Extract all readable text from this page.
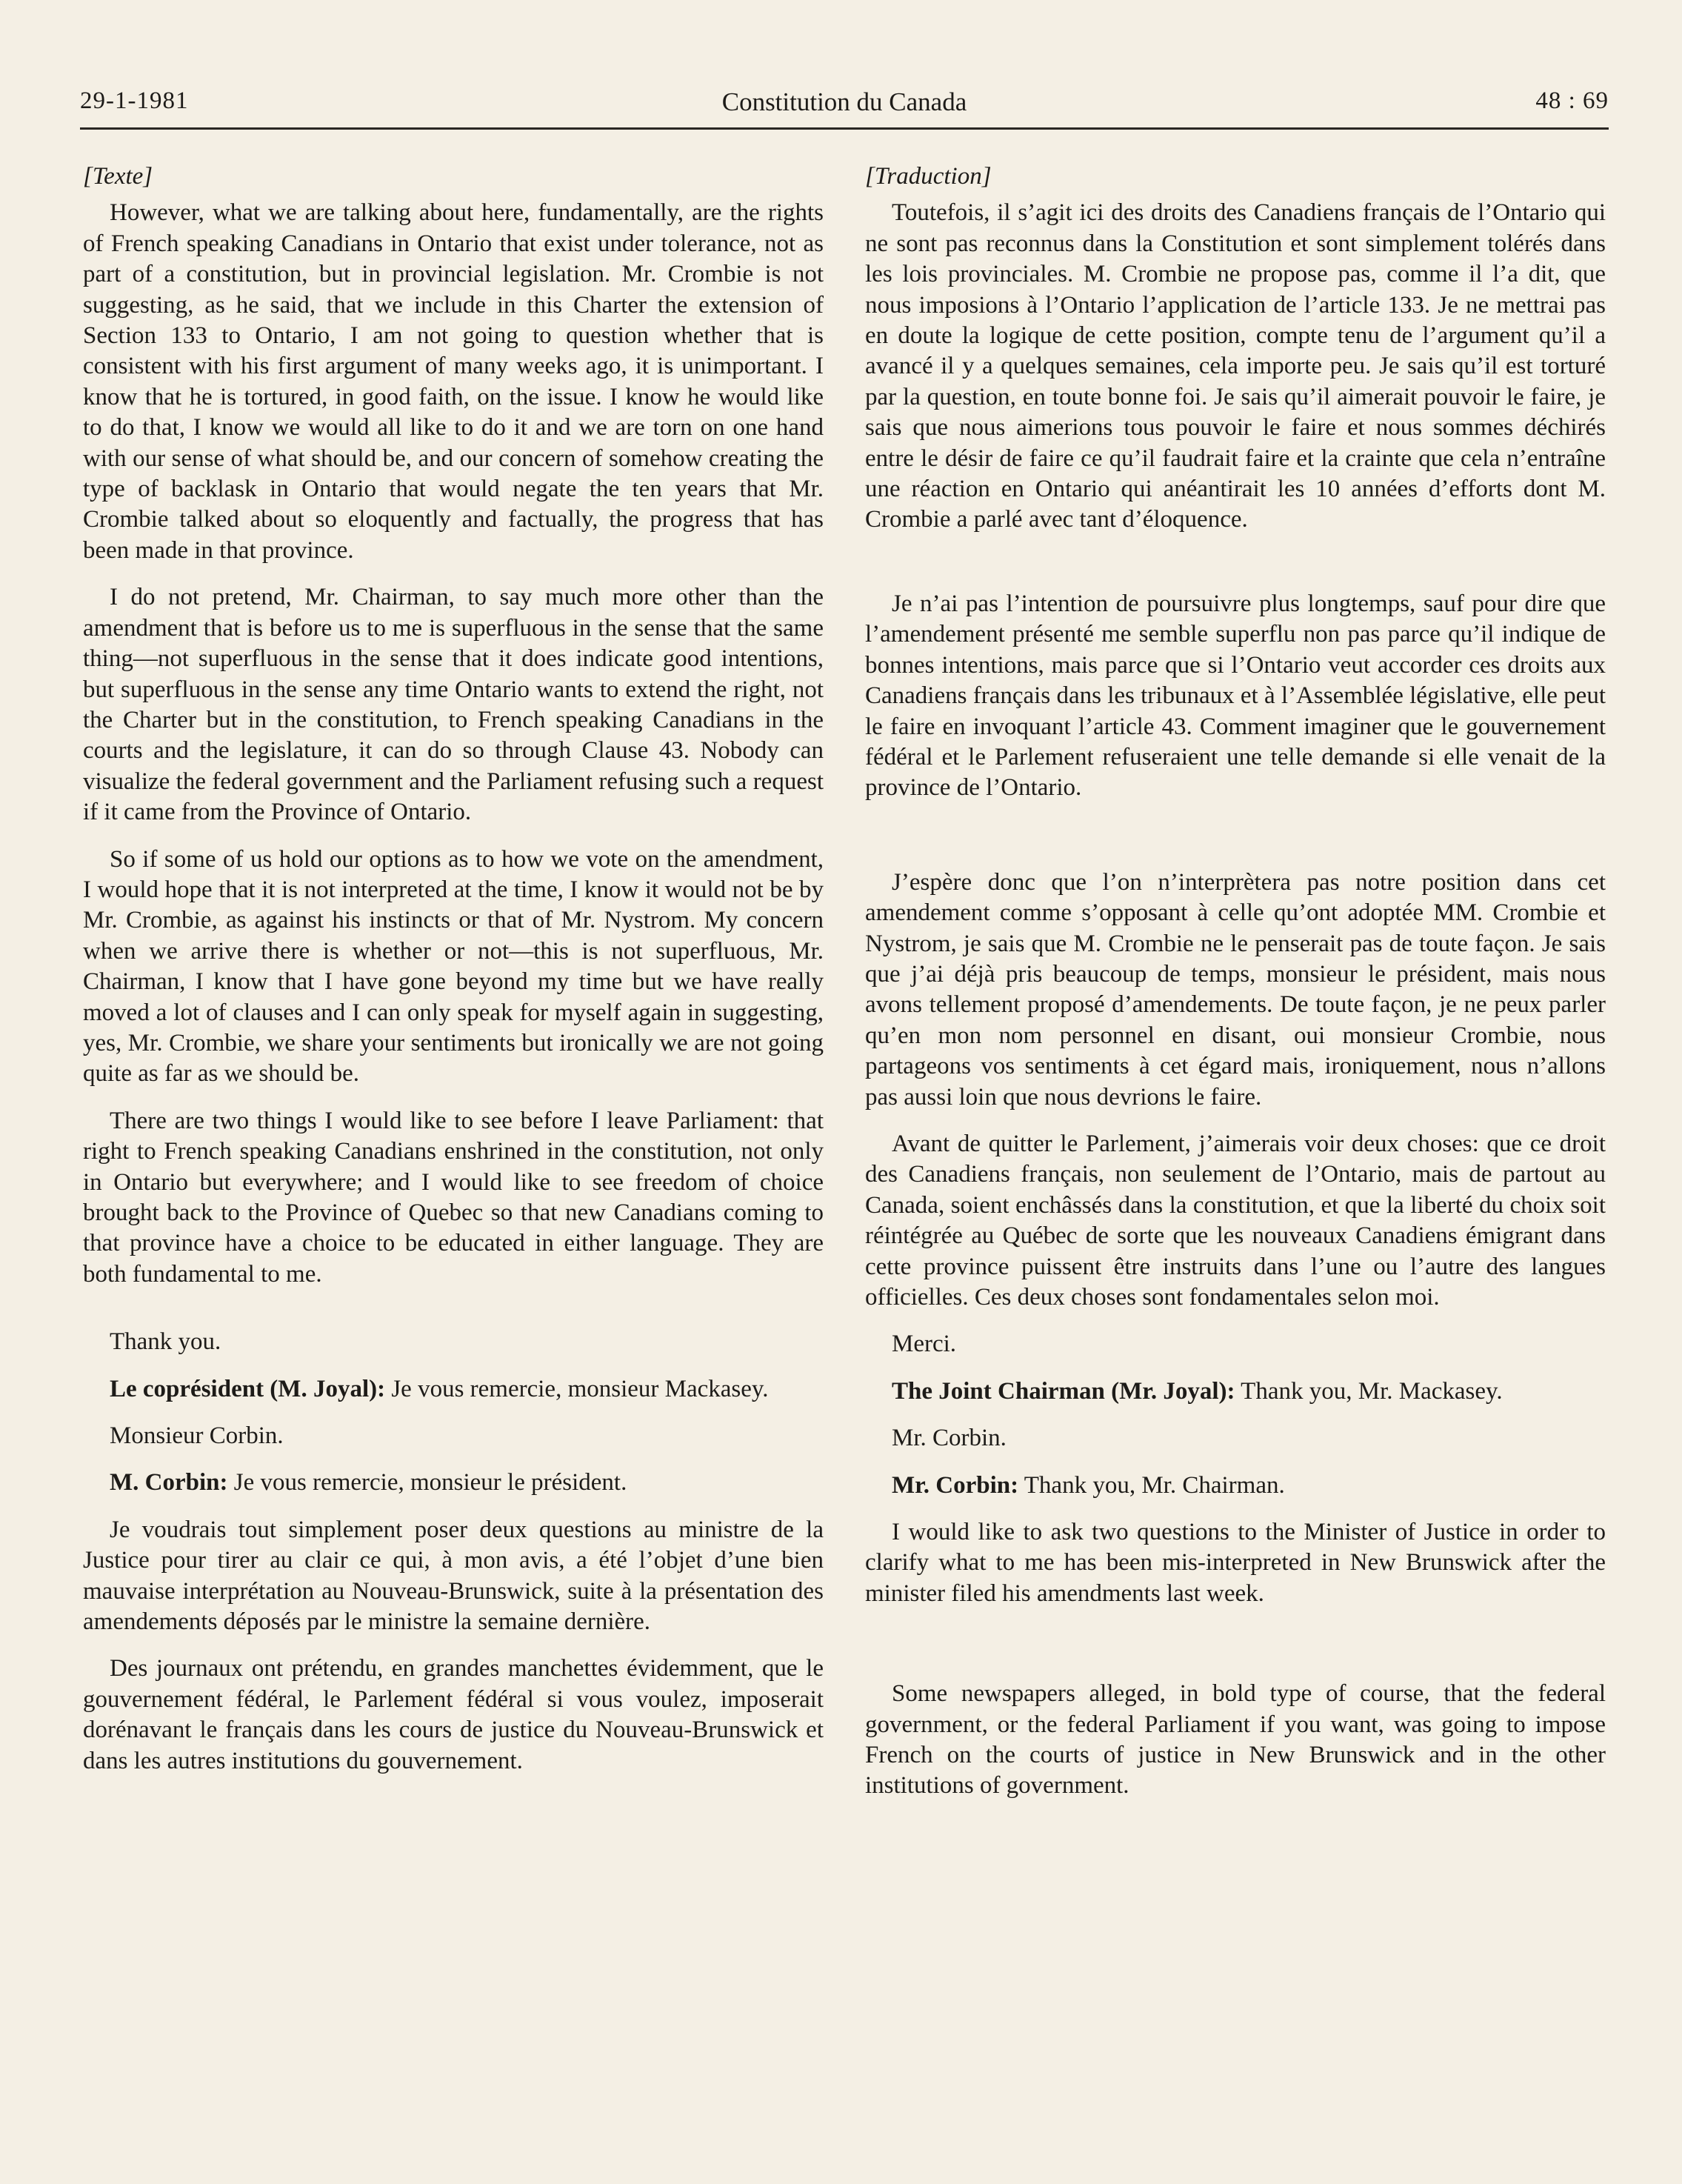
29-1-1981	Constitution du Canada	48 : 69

[Texte]

However, what we are talking about here, fundamentally, are the rights of French speaking Canadians in Ontario that exist under tolerance, not as part of a constitution, but in provincial legislation. Mr. Crombie is not suggesting, as he said, that we include in this Charter the extension of Section 133 to Ontario, I am not going to question whether that is consistent with his first argument of many weeks ago, it is unimportant. I know that he is tortured, in good faith, on the issue. I know he would like to do that, I know we would all like to do it and we are torn on one hand with our sense of what should be, and our concern of somehow creating the type of backlask in Ontario that would negate the ten years that Mr. Crombie talked about so eloquently and factually, the progress that has been made in that province.

I do not pretend, Mr. Chairman, to say much more other than the amendment that is before us to me is superfluous in the sense that the same thing—not superfluous in the sense that it does indicate good intentions, but superfluous in the sense any time Ontario wants to extend the right, not the Charter but in the constitution, to French speaking Canadians in the courts and the legislature, it can do so through Clause 43. Nobody can visualize the federal government and the Parliament refusing such a request if it came from the Province of Ontario.

So if some of us hold our options as to how we vote on the amendment, I would hope that it is not interpreted at the time, I know it would not be by Mr. Crombie, as against his instincts or that of Mr. Nystrom. My concern when we arrive there is whether or not—this is not superfluous, Mr. Chairman, I know that I have gone beyond my time but we have really moved a lot of clauses and I can only speak for myself again in suggesting, yes, Mr. Crombie, we share your sentiments but ironically we are not going quite as far as we should be.

There are two things I would like to see before I leave Parliament: that right to French speaking Canadians enshrined in the constitution, not only in Ontario but everywhere; and I would like to see freedom of choice brought back to the Province of Quebec so that new Canadians coming to that province have a choice to be educated in either language. They are both fundamental to me.

Thank you.

Le coprésident (M. Joyal): Je vous remercie, monsieur Mackasey.

Monsieur Corbin.

M. Corbin: Je vous remercie, monsieur le président.

Je voudrais tout simplement poser deux questions au ministre de la Justice pour tirer au clair ce qui, à mon avis, a été l’objet d’une bien mauvaise interprétation au Nouveau-Brunswick, suite à la présentation des amendements déposés par le ministre la semaine dernière.

Des journaux ont prétendu, en grandes manchettes évidemment, que le gouvernement fédéral, le Parlement fédéral si vous voulez, imposerait dorénavant le français dans les cours de justice du Nouveau-Brunswick et dans les autres institutions du gouvernement.

[Traduction]

Toutefois, il s’agit ici des droits des Canadiens français de l’Ontario qui ne sont pas reconnus dans la Constitution et sont simplement tolérés dans les lois provinciales. M. Crombie ne propose pas, comme il l’a dit, que nous imposions à l’Ontario l’application de l’article 133. Je ne mettrai pas en doute la logique de cette position, compte tenu de l’argument qu’il a avancé il y a quelques semaines, cela importe peu. Je sais qu’il est torturé par la question, en toute bonne foi. Je sais qu’il aimerait pouvoir le faire, je sais que nous aimerions tous pouvoir le faire et nous sommes déchirés entre le désir de faire ce qu’il faudrait faire et la crainte que cela n’entraîne une réaction en Ontario qui anéantirait les 10 années d’efforts dont M. Crombie a parlé avec tant d’éloquence.

Je n’ai pas l’intention de poursuivre plus longtemps, sauf pour dire que l’amendement présenté me semble superflu non pas parce qu’il indique de bonnes intentions, mais parce que si l’Ontario veut accorder ces droits aux Canadiens français dans les tribunaux et à l’Assemblée législative, elle peut le faire en invoquant l’article 43. Comment imaginer que le gouvernement fédéral et le Parlement refuseraient une telle demande si elle venait de la province de l’Ontario.

J’espère donc que l’on n’interprètera pas notre position dans cet amendement comme s’opposant à celle qu’ont adoptée MM. Crombie et Nystrom, je sais que M. Crombie ne le penserait pas de toute façon. Je sais que j’ai déjà pris beaucoup de temps, monsieur le président, mais nous avons tellement proposé d’amendements. De toute façon, je ne peux parler qu’en mon nom personnel en disant, oui monsieur Crombie, nous partageons vos sentiments à cet égard mais, ironiquement, nous n’allons pas aussi loin que nous devrions le faire.

Avant de quitter le Parlement, j’aimerais voir deux choses: que ce droit des Canadiens français, non seulement de l’Ontario, mais de partout au Canada, soient enchâssés dans la constitution, et que la liberté du choix soit réintégrée au Québec de sorte que les nouveaux Canadiens émigrant dans cette province puissent être instruits dans l’une ou l’autre des langues officielles. Ces deux choses sont fondamentales selon moi.

Merci.

The Joint Chairman (Mr. Joyal): Thank you, Mr. Mackasey.

Mr. Corbin.

Mr. Corbin: Thank you, Mr. Chairman.

I would like to ask two questions to the Minister of Justice in order to clarify what to me has been mis-interpreted in New Brunswick after the minister filed his amendments last week.

Some newspapers alleged, in bold type of course, that the federal government, or the federal Parliament if you want, was going to impose French on the courts of justice in New Brunswick and in the other institutions of government.
